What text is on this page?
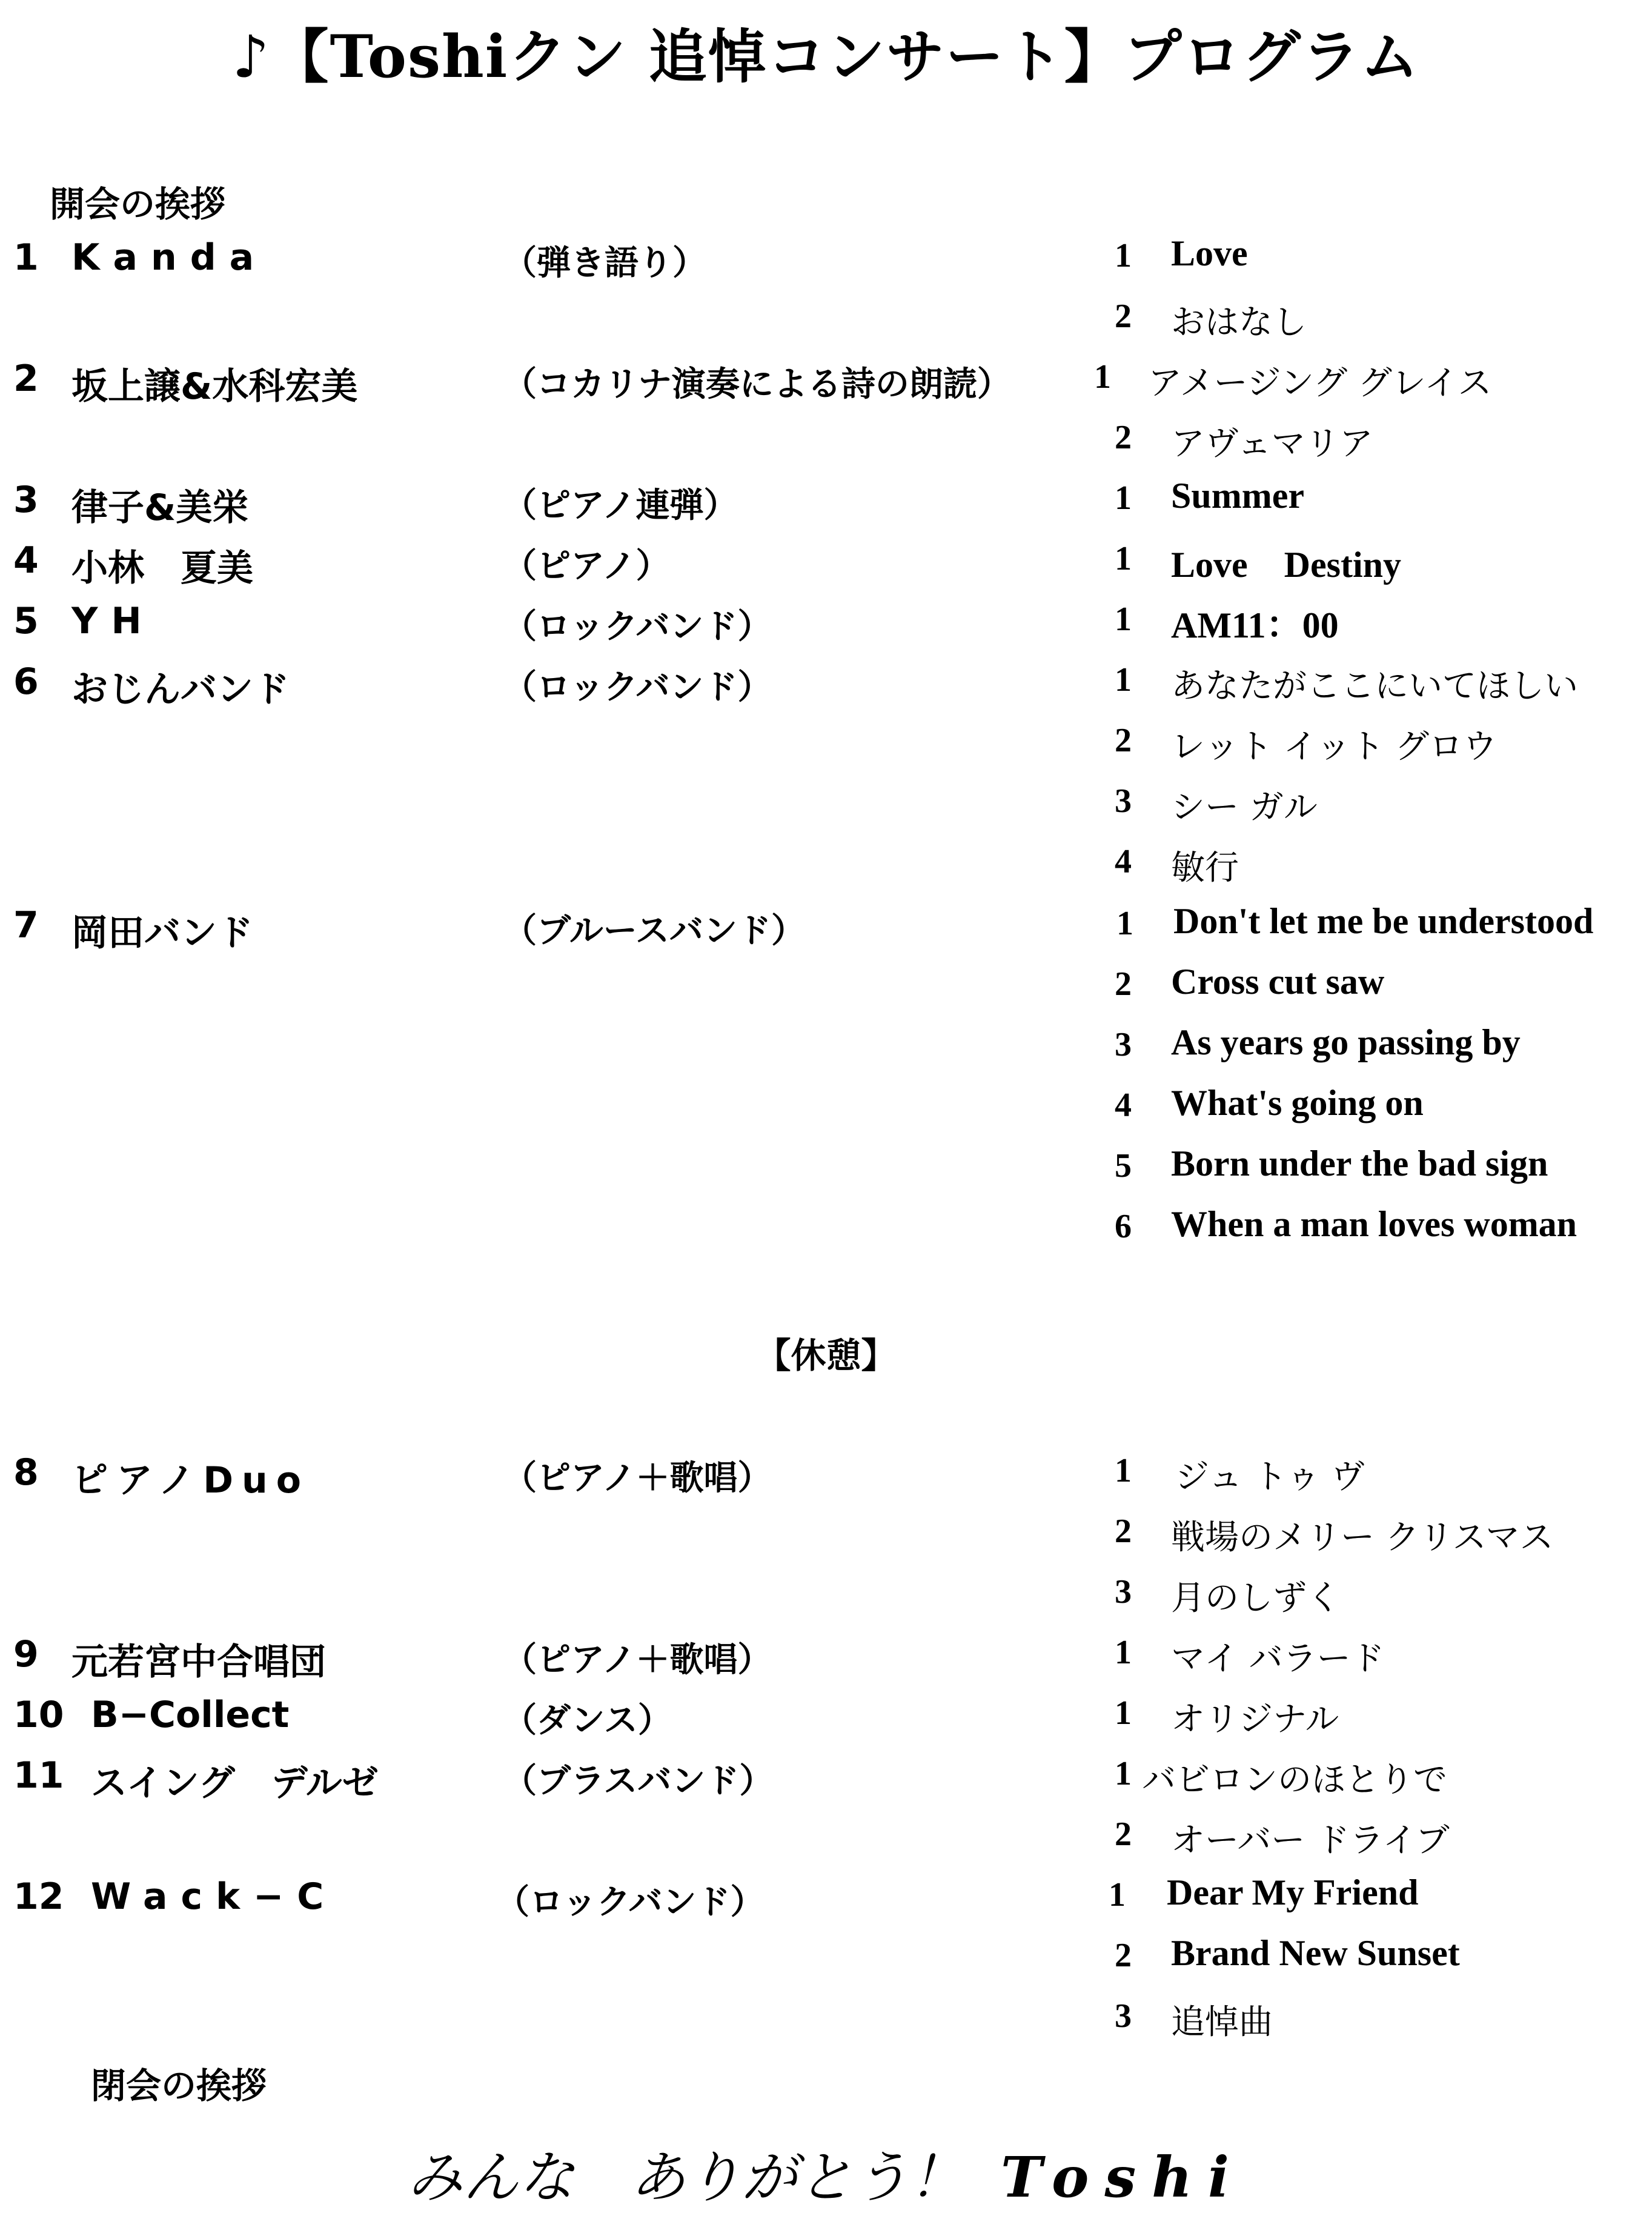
♪【Toshiクン 追悼コンサート】プログラム
開会の挨拶
1 Kanda	（弾き語り）	1 Love
2 おはなし
2 坂上譲&水科宏美	（コカリナ演奏による詩の朗読） 1 アメージング グレイス
2 アヴェマリア
3 律子&美栄	（ピアノ連弾）	1 Summer
4 小林　夏美	（ピアノ）	1 Love　Destiny
5 YH	（ロックバンド）	1 AM11：00
6 おじんバンド	（ロックバンド）	1 あなたがここにいてほしい
2 レット イット グロウ
3 シー ガル
4 敏行
7 岡田バンド	（ブルースバンド）	1 Don't let me be understood
2 Cross cut saw
3 As years go passing by
4 What's going on
5 Born under the bad sign
6 When a man loves woman
【休憩】
8 ピアノDuo	（ピアノ＋歌唱）	1 ジュ トゥ ヴ
2 戦場のメリー クリスマス
3 月のしずく
9 元若宮中合唱団	（ピアノ＋歌唱）	1 マイ バラード
10 B−Collect	（ダンス）	1 オリジナル
11 スイング　デルゼ	（ブラスバンド）	1 バビロンのほとりで
2 オーバー ドライブ
12 Wack−C	（ロックバンド）	1 Dear My Friend
2 Brand New Sunset
3 追悼曲
閉会の挨拶
みんな　ありがとう！ Toshi
